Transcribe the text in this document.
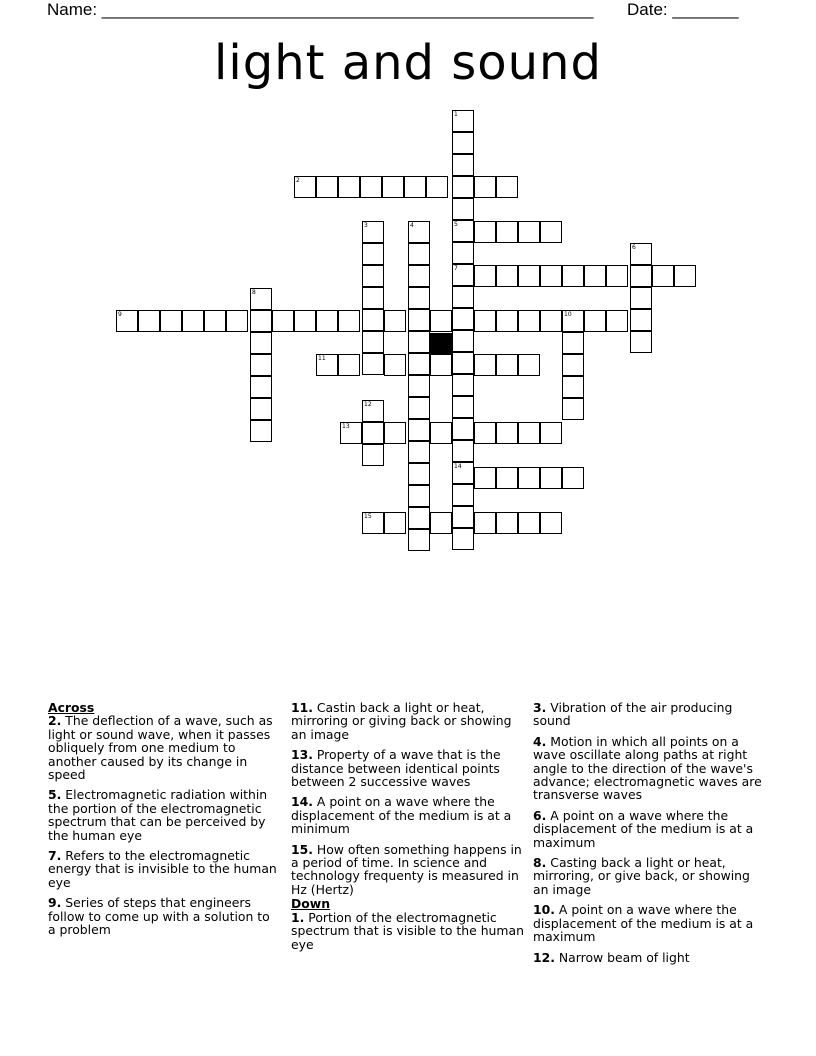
Name: ____________________________________________________ Date: _______
light and sound
1
5
7
14
2
3	4
6
8
9	10
11
12
13
15
Across
2. The deflection of a wave, such as light or sound wave, when it passes obliquely from one medium to another caused by its change in speed
5. Electromagnetic radiation within the portion of the electromagnetic spectrum that can be perceived by the human eye
7. Refers to the electromagnetic energy that is invisible to the human eye
9. Series of steps that engineers follow to come up with a solution to a problem
11. Castin back a light or heat, mirroring or giving back or showing an image
13. Property of a wave that is the distance between identical points between 2 successive waves
14. A point on a wave where the displacement of the medium is at a minimum
15. How often something happens in a period of time. In science and technology frequenty is measured in Hz (Hertz)
Down
1. Portion of the electromagnetic spectrum that is visible to the human eye
3. Vibration of the air producing sound
4. Motion in which all points on a wave oscillate along paths at right angle to the direction of the wave's advance; electromagnetic waves are transverse waves
6. A point on a wave where the displacement of the medium is at a maximum
8. Casting back a light or heat, mirroring, or give back, or showing an image
10. A point on a wave where the displacement of the medium is at a maximum
12. Narrow beam of light
